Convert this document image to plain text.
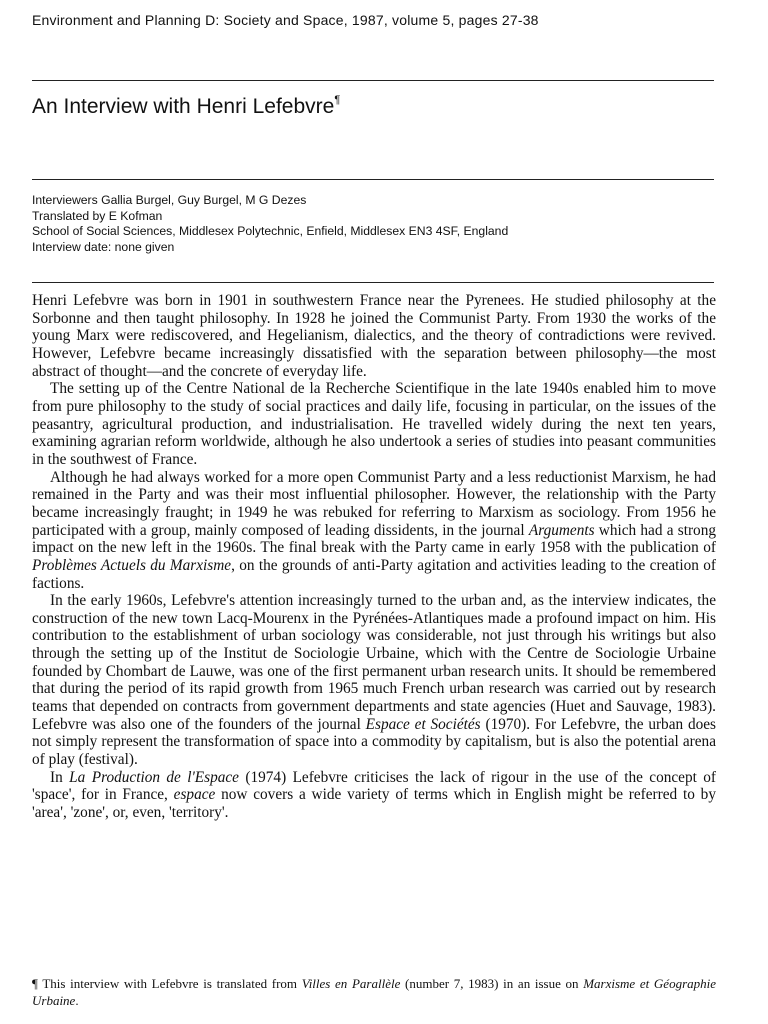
Environment and Planning D: Society and Space, 1987, volume 5, pages 27-38
An Interview with Henri Lefebvre¶
Interviewers Gallia Burgel, Guy Burgel, M G Dezes
Translated by E Kofman
School of Social Sciences, Middlesex Polytechnic, Enfield, Middlesex EN3 4SF, England
Interview date: none given

Henri Lefebvre was born in 1901 in southwestern France near the Pyrenees. He studied philosophy at the Sorbonne and then taught philosophy. In 1928 he joined the Communist Party. From 1930 the works of the young Marx were rediscovered, and Hegelianism, dialectics, and the theory of contradictions were revived. However, Lefebvre became increasingly dissatisfied with the separation between philosophy—the most abstract of thought—and the concrete of everyday life.

The setting up of the Centre National de la Recherche Scientifique in the late 1940s enabled him to move from pure philosophy to the study of social practices and daily life, focusing in particular, on the issues of the peasantry, agricultural production, and industrialisation. He travelled widely during the next ten years, examining agrarian reform worldwide, although he also undertook a series of studies into peasant communities in the southwest of France.

Although he had always worked for a more open Communist Party and a less reductionist Marxism, he had remained in the Party and was their most influential philosopher. However, the relationship with the Party became increasingly fraught; in 1949 he was rebuked for referring to Marxism as sociology. From 1956 he participated with a group, mainly composed of leading dissidents, in the journal Arguments which had a strong impact on the new left in the 1960s. The final break with the Party came in early 1958 with the publication of Problèmes Actuels du Marxisme, on the grounds of anti-Party agitation and activities leading to the creation of factions.

In the early 1960s, Lefebvre's attention increasingly turned to the urban and, as the interview indicates, the construction of the new town Lacq-Mourenx in the Pyrénées-Atlantiques made a profound impact on him. His contribution to the establishment of urban sociology was considerable, not just through his writings but also through the setting up of the Institut de Sociologie Urbaine, which with the Centre de Sociologie Urbaine founded by Chombart de Lauwe, was one of the first permanent urban research units. It should be remembered that during the period of its rapid growth from 1965 much French urban research was carried out by research teams that depended on contracts from government departments and state agencies (Huet and Sauvage, 1983). Lefebvre was also one of the founders of the journal Espace et Sociétés (1970). For Lefebvre, the urban does not simply represent the transformation of space into a commodity by capitalism, but is also the potential arena of play (festival).

In La Production de l'Espace (1974) Lefebvre criticises the lack of rigour in the use of the concept of 'space', for in France, espace now covers a wide variety of terms which in English might be referred to by 'area', 'zone', or, even, 'territory'.

¶ This interview with Lefebvre is translated from Villes en Parallèle (number 7, 1983) in an issue on Marxisme et Géographie Urbaine.
